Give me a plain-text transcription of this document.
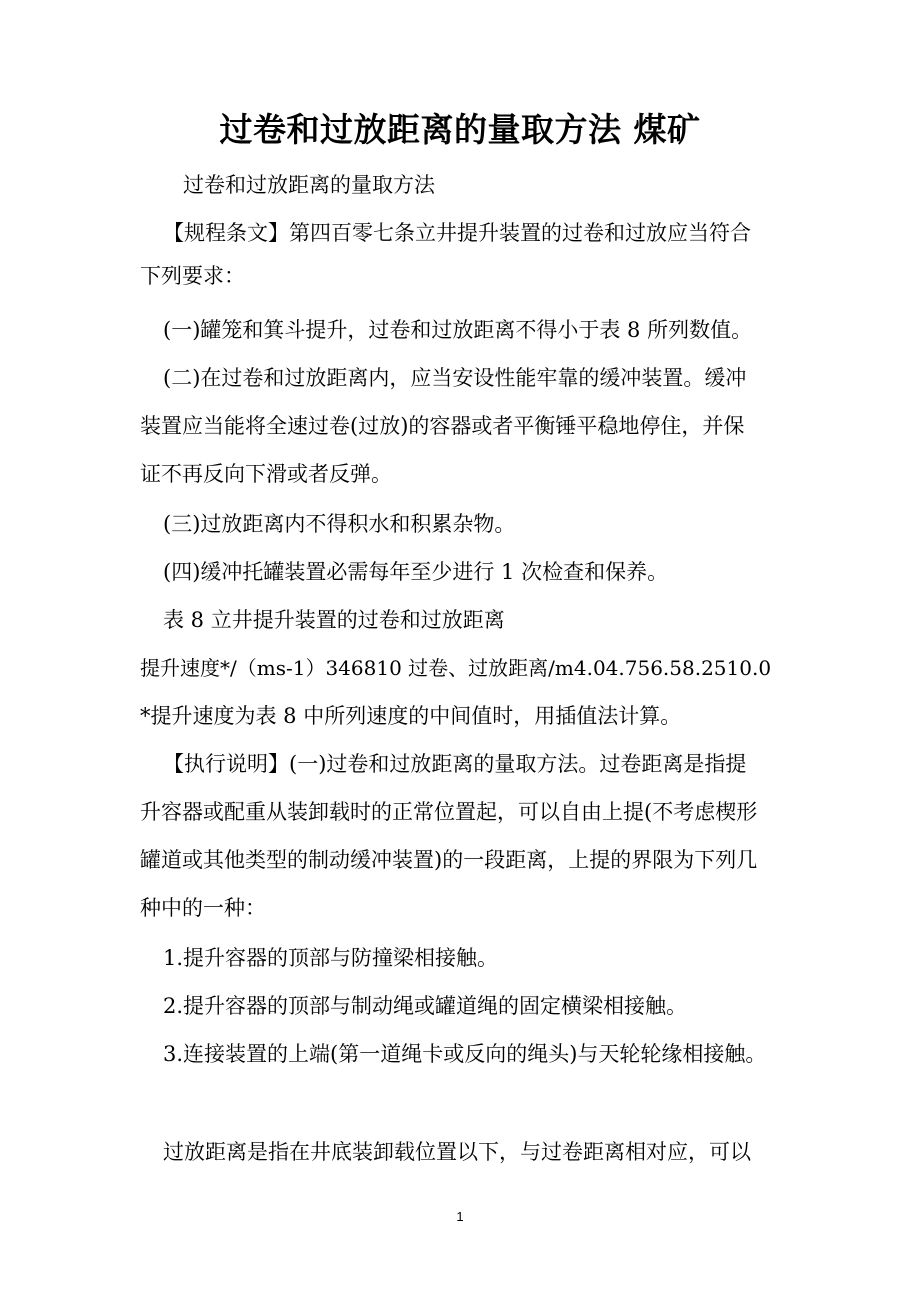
过卷和过放距离的量取方法 煤矿
过卷和过放距离的量取方法
【规程条文】第四百零七条立井提升装置的过卷和过放应当符合
下列要求：
(一)罐笼和箕斗提升，过卷和过放距离不得小于表 8 所列数值。
(二)在过卷和过放距离内，应当安设性能牢靠的缓冲装置。缓冲
装置应当能将全速过卷(过放)的容器或者平衡锤平稳地停住，并保
证不再反向下滑或者反弹。
(三)过放距离内不得积水和积累杂物。
(四)缓冲托罐装置必需每年至少进行 1 次检查和保养。
表 8 立井提升装置的过卷和过放距离
提升速度*/（ms-1）346810 过卷、过放距离/m4.04.756.58.2510.0
*提升速度为表 8 中所列速度的中间值时，用插值法计算。
【执行说明】(一)过卷和过放距离的量取方法。过卷距离是指提
升容器或配重从装卸载时的正常位置起，可以自由上提(不考虑楔形
罐道或其他类型的制动缓冲装置)的一段距离，上提的界限为下列几
种中的一种：
1.提升容器的顶部与防撞梁相接触。
2.提升容器的顶部与制动绳或罐道绳的固定横梁相接触。
3.连接装置的上端(第一道绳卡或反向的绳头)与天轮轮缘相接触。
过放距离是指在井底装卸载位置以下，与过卷距离相对应，可以
1
